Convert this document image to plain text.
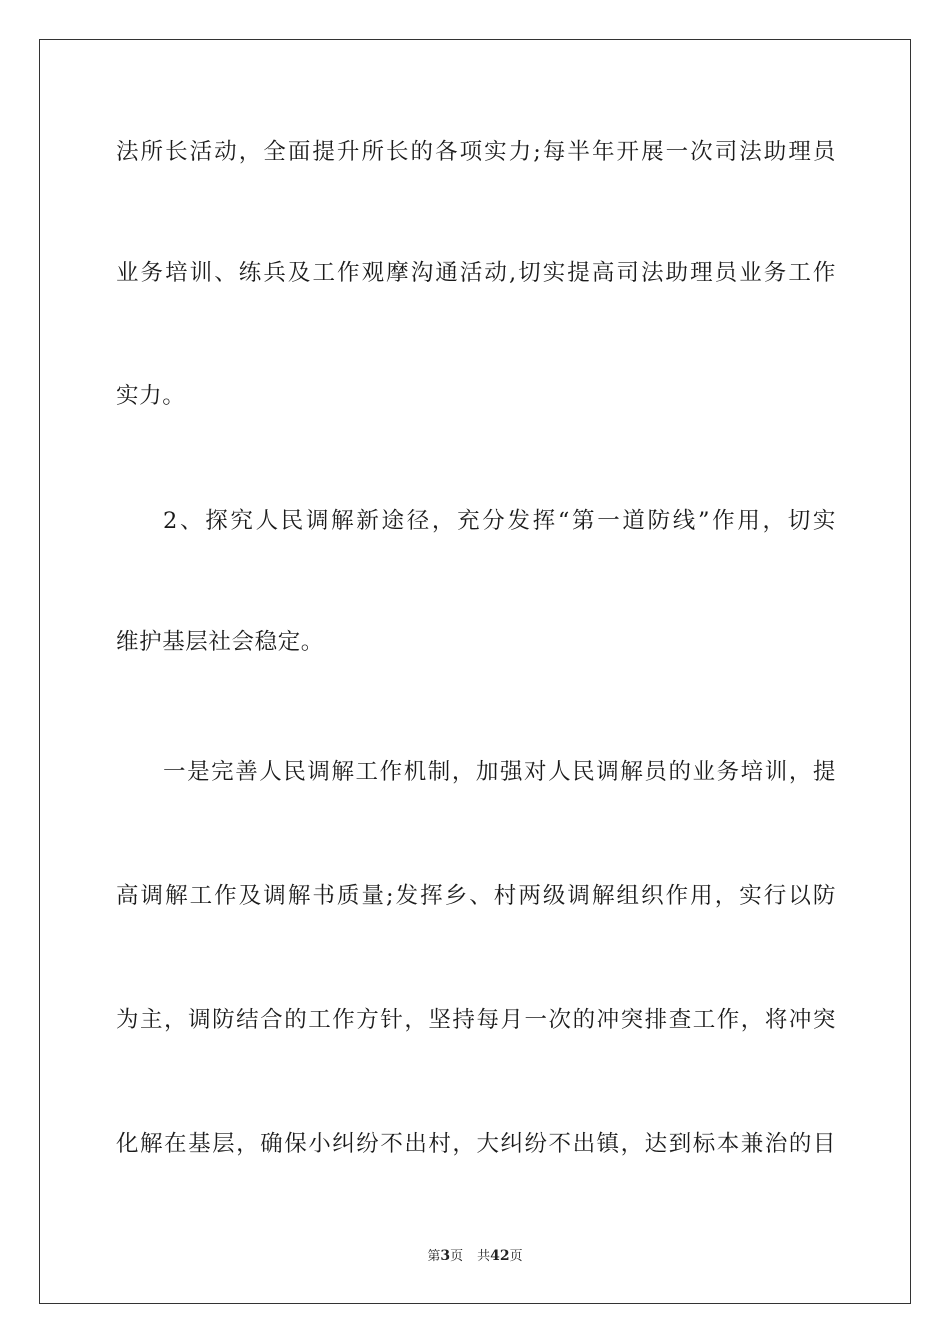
法所长活动，全面提升所长的各项实力;每半年开展一次司法助理员
业务培训、练兵及工作观摩沟通活动,切实提高司法助理员业务工作
实力。
2、探究人民调解新途径，充分发挥“第一道防线”作用，切实
维护基层社会稳定。
一是完善人民调解工作机制，加强对人民调解员的业务培训，提
高调解工作及调解书质量;发挥乡、村两级调解组织作用，实行以防
为主，调防结合的工作方针，坚持每月一次的冲突排查工作，将冲突
化解在基层，确保小纠纷不出村，大纠纷不出镇，达到标本兼治的目
第3页 共42页
